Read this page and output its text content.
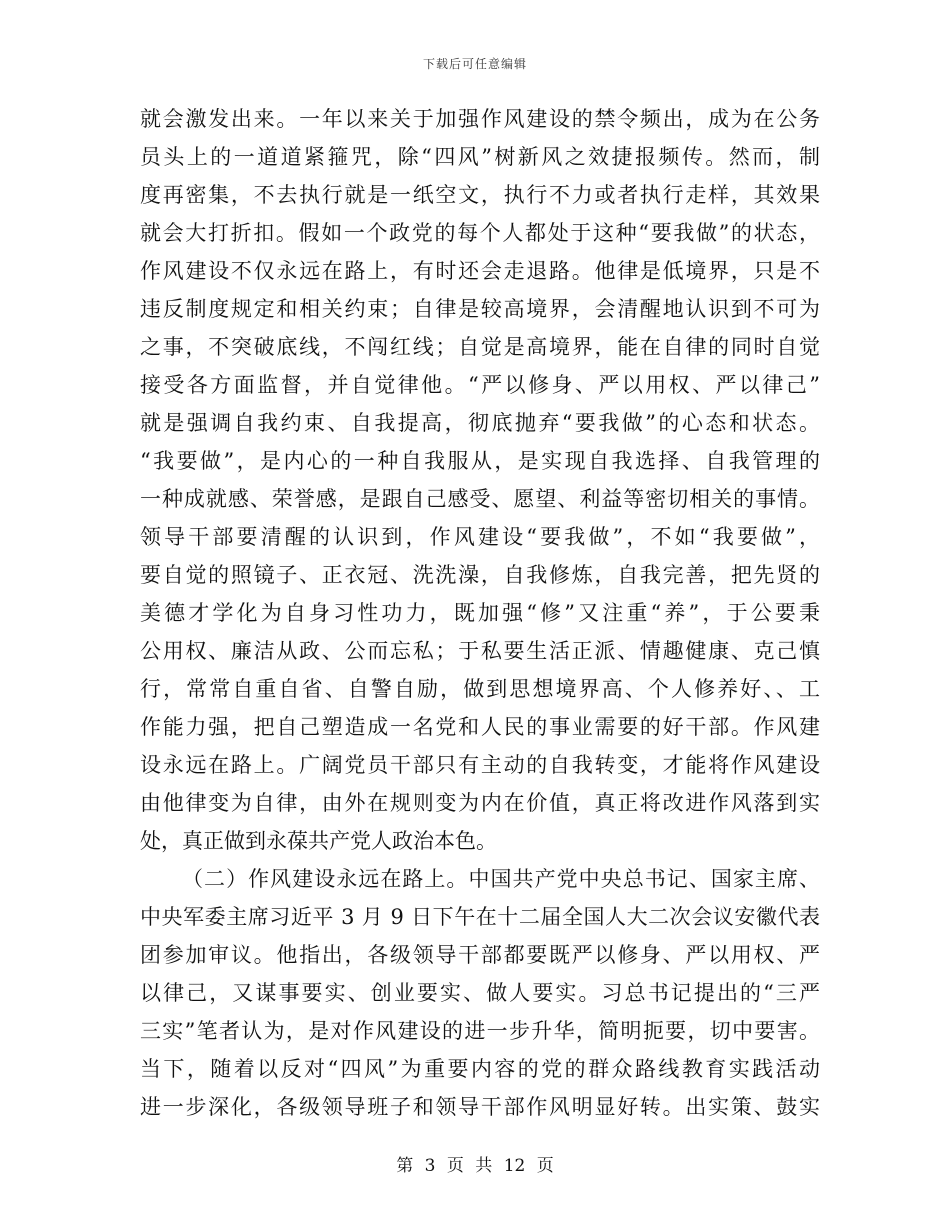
下载后可任意编辑
就会激发出来。一年以来关于加强作风建设的禁令频出，成为在公务
员头上的一道道紧箍咒，除“四风”树新风之效捷报频传。然而，制
度再密集，不去执行就是一纸空文，执行不力或者执行走样，其效果
就会大打折扣。假如一个政党的每个人都处于这种“要我做”的状态，
作风建设不仅永远在路上，有时还会走退路。他律是低境界，只是不
违反制度规定和相关约束；自律是较高境界，会清醒地认识到不可为
之事，不突破底线，不闯红线；自觉是高境界，能在自律的同时自觉
接受各方面监督，并自觉律他。“严以修身、严以用权、严以律己”
就是强调自我约束、自我提高，彻底抛弃“要我做”的心态和状态。
“我要做”，是内心的一种自我服从，是实现自我选择、自我管理的
一种成就感、荣誉感，是跟自己感受、愿望、利益等密切相关的事情。
领导干部要清醒的认识到，作风建设“要我做”，不如“我要做”，
要自觉的照镜子、正衣冠、洗洗澡，自我修炼，自我完善，把先贤的
美德才学化为自身习性功力，既加强“修”又注重“养”，于公要秉
公用权、廉洁从政、公而忘私；于私要生活正派、情趣健康、克己慎
行，常常自重自省、自警自励，做到思想境界高、个人修养好、、工
作能力强，把自己塑造成一名党和人民的事业需要的好干部。作风建
设永远在路上。广阔党员干部只有主动的自我转变，才能将作风建设
由他律变为自律，由外在规则变为内在价值，真正将改进作风落到实
处，真正做到永葆共产党人政治本色。
（二）作风建设永远在路上。中国共产党中央总书记、国家主席、
中央军委主席习近平 3 月 9 日下午在十二届全国人大二次会议安徽代表
团参加审议。他指出，各级领导干部都要既严以修身、严以用权、严
以律己，又谋事要实、创业要实、做人要实。习总书记提出的“三严
三实”笔者认为，是对作风建设的进一步升华，简明扼要，切中要害。
当下，随着以反对“四风”为重要内容的党的群众路线教育实践活动
进一步深化，各级领导班子和领导干部作风明显好转。出实策、鼓实
第 3 页 共 12 页
